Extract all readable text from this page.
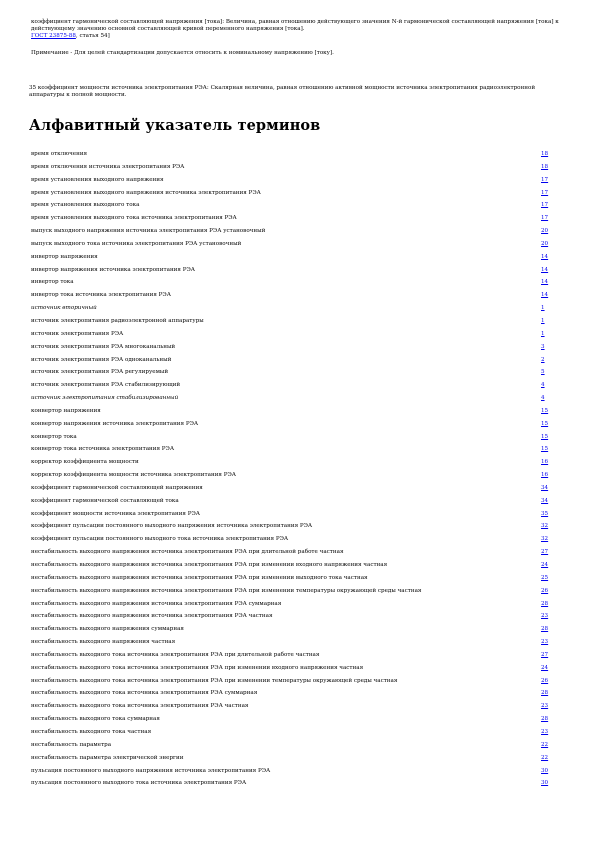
коэффициент гармонической составляющей напряжения [тока]: Величина, равная отношению действующего значения N-й гармонической составляющей напряжения [тока] к действующему значению основной составляющей кривой переменного напряжения [тока].
ГОСТ 23875-88, статья 54]

Примечание - Для целей стандартизации допускается относить к номинальному напряжению [току].

35 коэффициент мощности источника электропитания РЭА: Скалярная величина, равная отношению активной мощности источника электропитания радиоэлектронной аппаратуры к полной мощности.
Алфавитный указатель терминов
время отключения	18
время отключения источника электропитания РЭА	18
время установления выходного напряжения	17
время установления выходного напряжения источника электропитания РЭА	17
время установления выходного тока	17
время установления выходного тока источника электропитания РЭА	17
выпуск выходного напряжения источника электропитания РЭА установочный	20
выпуск выходного тока источника электропитания РЭА установочный	20
инвертор напряжения	14
инвертор напряжения источника электропитания РЭА	14
инвертор тока	14
инвертор тока источника электропитания РЭА	14
источник вторичный	1
источник электропитания радиоэлектронной аппаратуры	1
источник электропитания РЭА	1
источник электропитания РЭА многоканальный	3
источник электропитания РЭА одноканальный	2
источник электропитания РЭА регулируемый	5
источник электропитания РЭА стабилизирующий	4
источник электропитания стабилизированный	4
конвертор напряжения	15
конвертор напряжения источника электропитания РЭА	15
конвертор тока	15
конвертор тока источника электропитания РЭА	15
корректор коэффициента мощности	16
корректор коэффициента мощности источника электропитания РЭА	16
коэффициент гармонической составляющей напряжения	34
коэффициент гармонической составляющей тока	34
коэффициент мощности источника электропитания РЭА	35
коэффициент пульсации постоянного выходного напряжения источника электропитания РЭА	32
коэффициент пульсации постоянного выходного тока источника электропитания РЭА	32
нестабильность выходного напряжения источника электропитания РЭА при длительной работе частная	27
нестабильность выходного напряжения источника электропитания РЭА при изменении входного напряжения частная	24
нестабильность выходного напряжения источника электропитания РЭА при изменении выходного тока частная	25
нестабильность выходного напряжения источника электропитания РЭА при изменении температуры окружающей среды частная	26
нестабильность выходного напряжения источника электропитания РЭА суммарная	28
нестабильность выходного напряжения источника электропитания РЭА частная	23
нестабильность выходного напряжения суммарная	28
нестабильность выходного напряжения частная	23
нестабильность выходного тока источника электропитания РЭА при длительной работе частная	27
нестабильность выходного тока источника электропитания РЭА при изменении входного напряжения частная	24
нестабильность выходного тока источника электропитания РЭА при изменении температуры окружающей среды частная	26
нестабильность выходного тока источника электропитания РЭА суммарная	28
нестабильность выходного тока источника электропитания РЭА частная	23
нестабильность выходного тока суммарная	28
нестабильность выходного тока частная	23
нестабильность параметра	22
нестабильность параметра электрической энергии	22
пульсация постоянного выходного напряжения источника электропитания РЭА	30
пульсация постоянного выходного тока источника электропитания РЭА	30
